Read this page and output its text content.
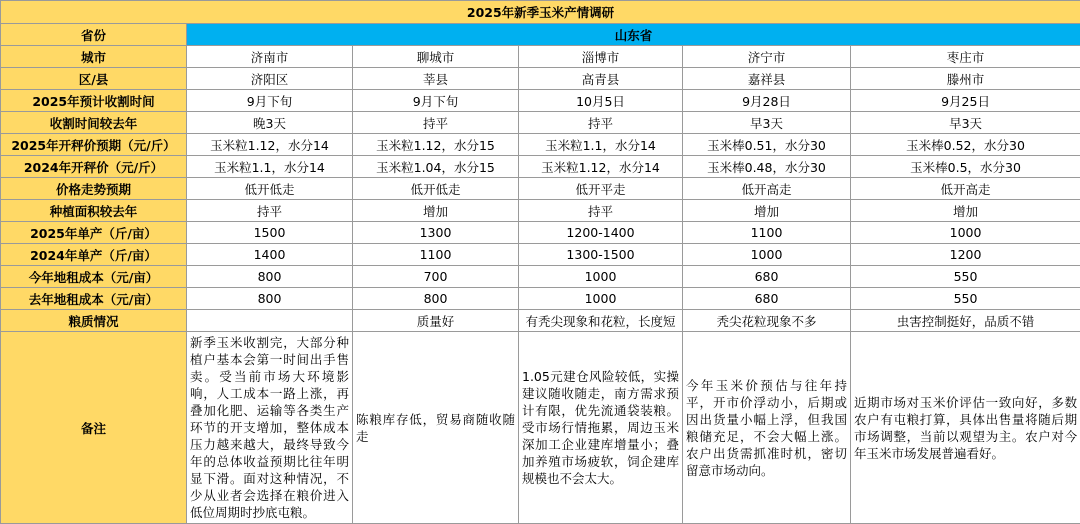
2025年新季玉米产情调研					
省份	山东省				
城市	济南市	聊城市	淄博市	济宁市	枣庄市
区/县	济阳区	莘县	高青县	嘉祥县	滕州市
2025年预计收割时间	9月下旬	9月下旬	10月5日	9月28日	9月25日
收割时间较去年	晚3天	持平	持平	早3天	早3天
2025年开秤价预期（元/斤）	玉米粒1.12，水分14	玉米粒1.12，水分15	玉米粒1.1，水分14	玉米棒0.51，水分30	玉米棒0.52，水分30
2024年开秤价（元/斤）	玉米粒1.1，水分14	玉米粒1.04，水分15	玉米粒1.12，水分14	玉米棒0.48，水分30	玉米棒0.5，水分30
价格走势预期	低开低走	低开低走	低开平走	低开高走	低开高走
种植面积较去年	持平	增加	持平	增加	增加
2025年单产（斤/亩）	1500	1300	1200-1400	1100	1000
2024年单产（斤/亩）	1400	1100	1300-1500	1000	1200
今年地租成本（元/亩）	800	700	1000	680	550
去年地租成本（元/亩）	800	800	1000	680	550
粮质情况		质量好	有秃尖现象和花粒，长度短	秃尖花粒现象不多	虫害控制挺好，品质不错
备注	新季玉米收割完，大部分种植户基本会第一时间出手售卖。受当前市场大环境影响，人工成本一路上涨，再叠加化肥、运输等各类生产环节的开支增加，整体成本压力越来越大，最终导致今年的总体收益预期比往年明显下滑。面对这种情况，不少从业者会选择在粮价进入低位周期时抄底屯粮。	陈粮库存低，贸易商随收随走	1.05元建仓风险较低，实操建议随收随走，南方需求预计有限，优先流通袋装粮。受市场行情拖累，周边玉米深加工企业建库增量小；叠加养殖市场疲软，饲企建库规模也不会太大。	今年玉米价预估与往年持平，开市价浮动小，后期或因出货量小幅上浮，但我国粮储充足，不会大幅上涨。农户出货需抓准时机，密切留意市场动向。	近期市场对玉米价评估一致向好，多数农户有屯粮打算，具体出售量将随后期市场调整，当前以观望为主。农户对今年玉米市场发展普遍看好。
